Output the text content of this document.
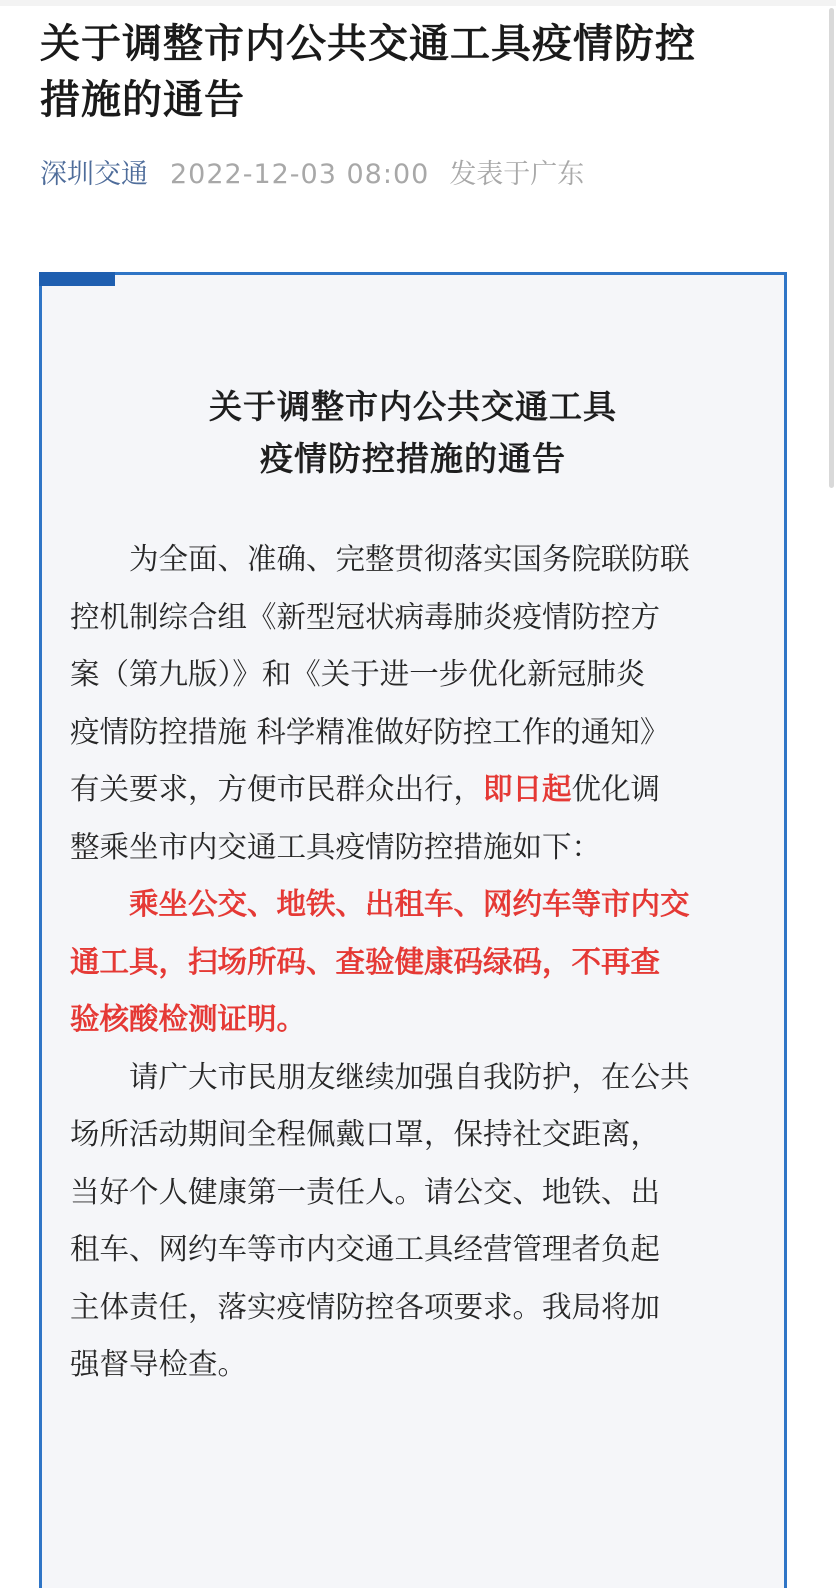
关于调整市内公共交通工具疫情防控
措施的通告
深圳交通 2022-12-03 08:00 发表于广东
关于调整市内公共交通工具
疫情防控措施的通告
为全面、准确、完整贯彻落实国务院联防联
控机制综合组《新型冠状病毒肺炎疫情防控方
案（第九版）》和《关于进一步优化新冠肺炎
疫情防控措施 科学精准做好防控工作的通知》
有关要求，方便市民群众出行，即日起优化调
整乘坐市内交通工具疫情防控措施如下：
乘坐公交、地铁、出租车、网约车等市内交
通工具，扫场所码、查验健康码绿码，不再查
验核酸检测证明。
请广大市民朋友继续加强自我防护，在公共
场所活动期间全程佩戴口罩，保持社交距离，
当好个人健康第一责任人。请公交、地铁、出
租车、网约车等市内交通工具经营管理者负起
主体责任，落实疫情防控各项要求。我局将加
强督导检查。
